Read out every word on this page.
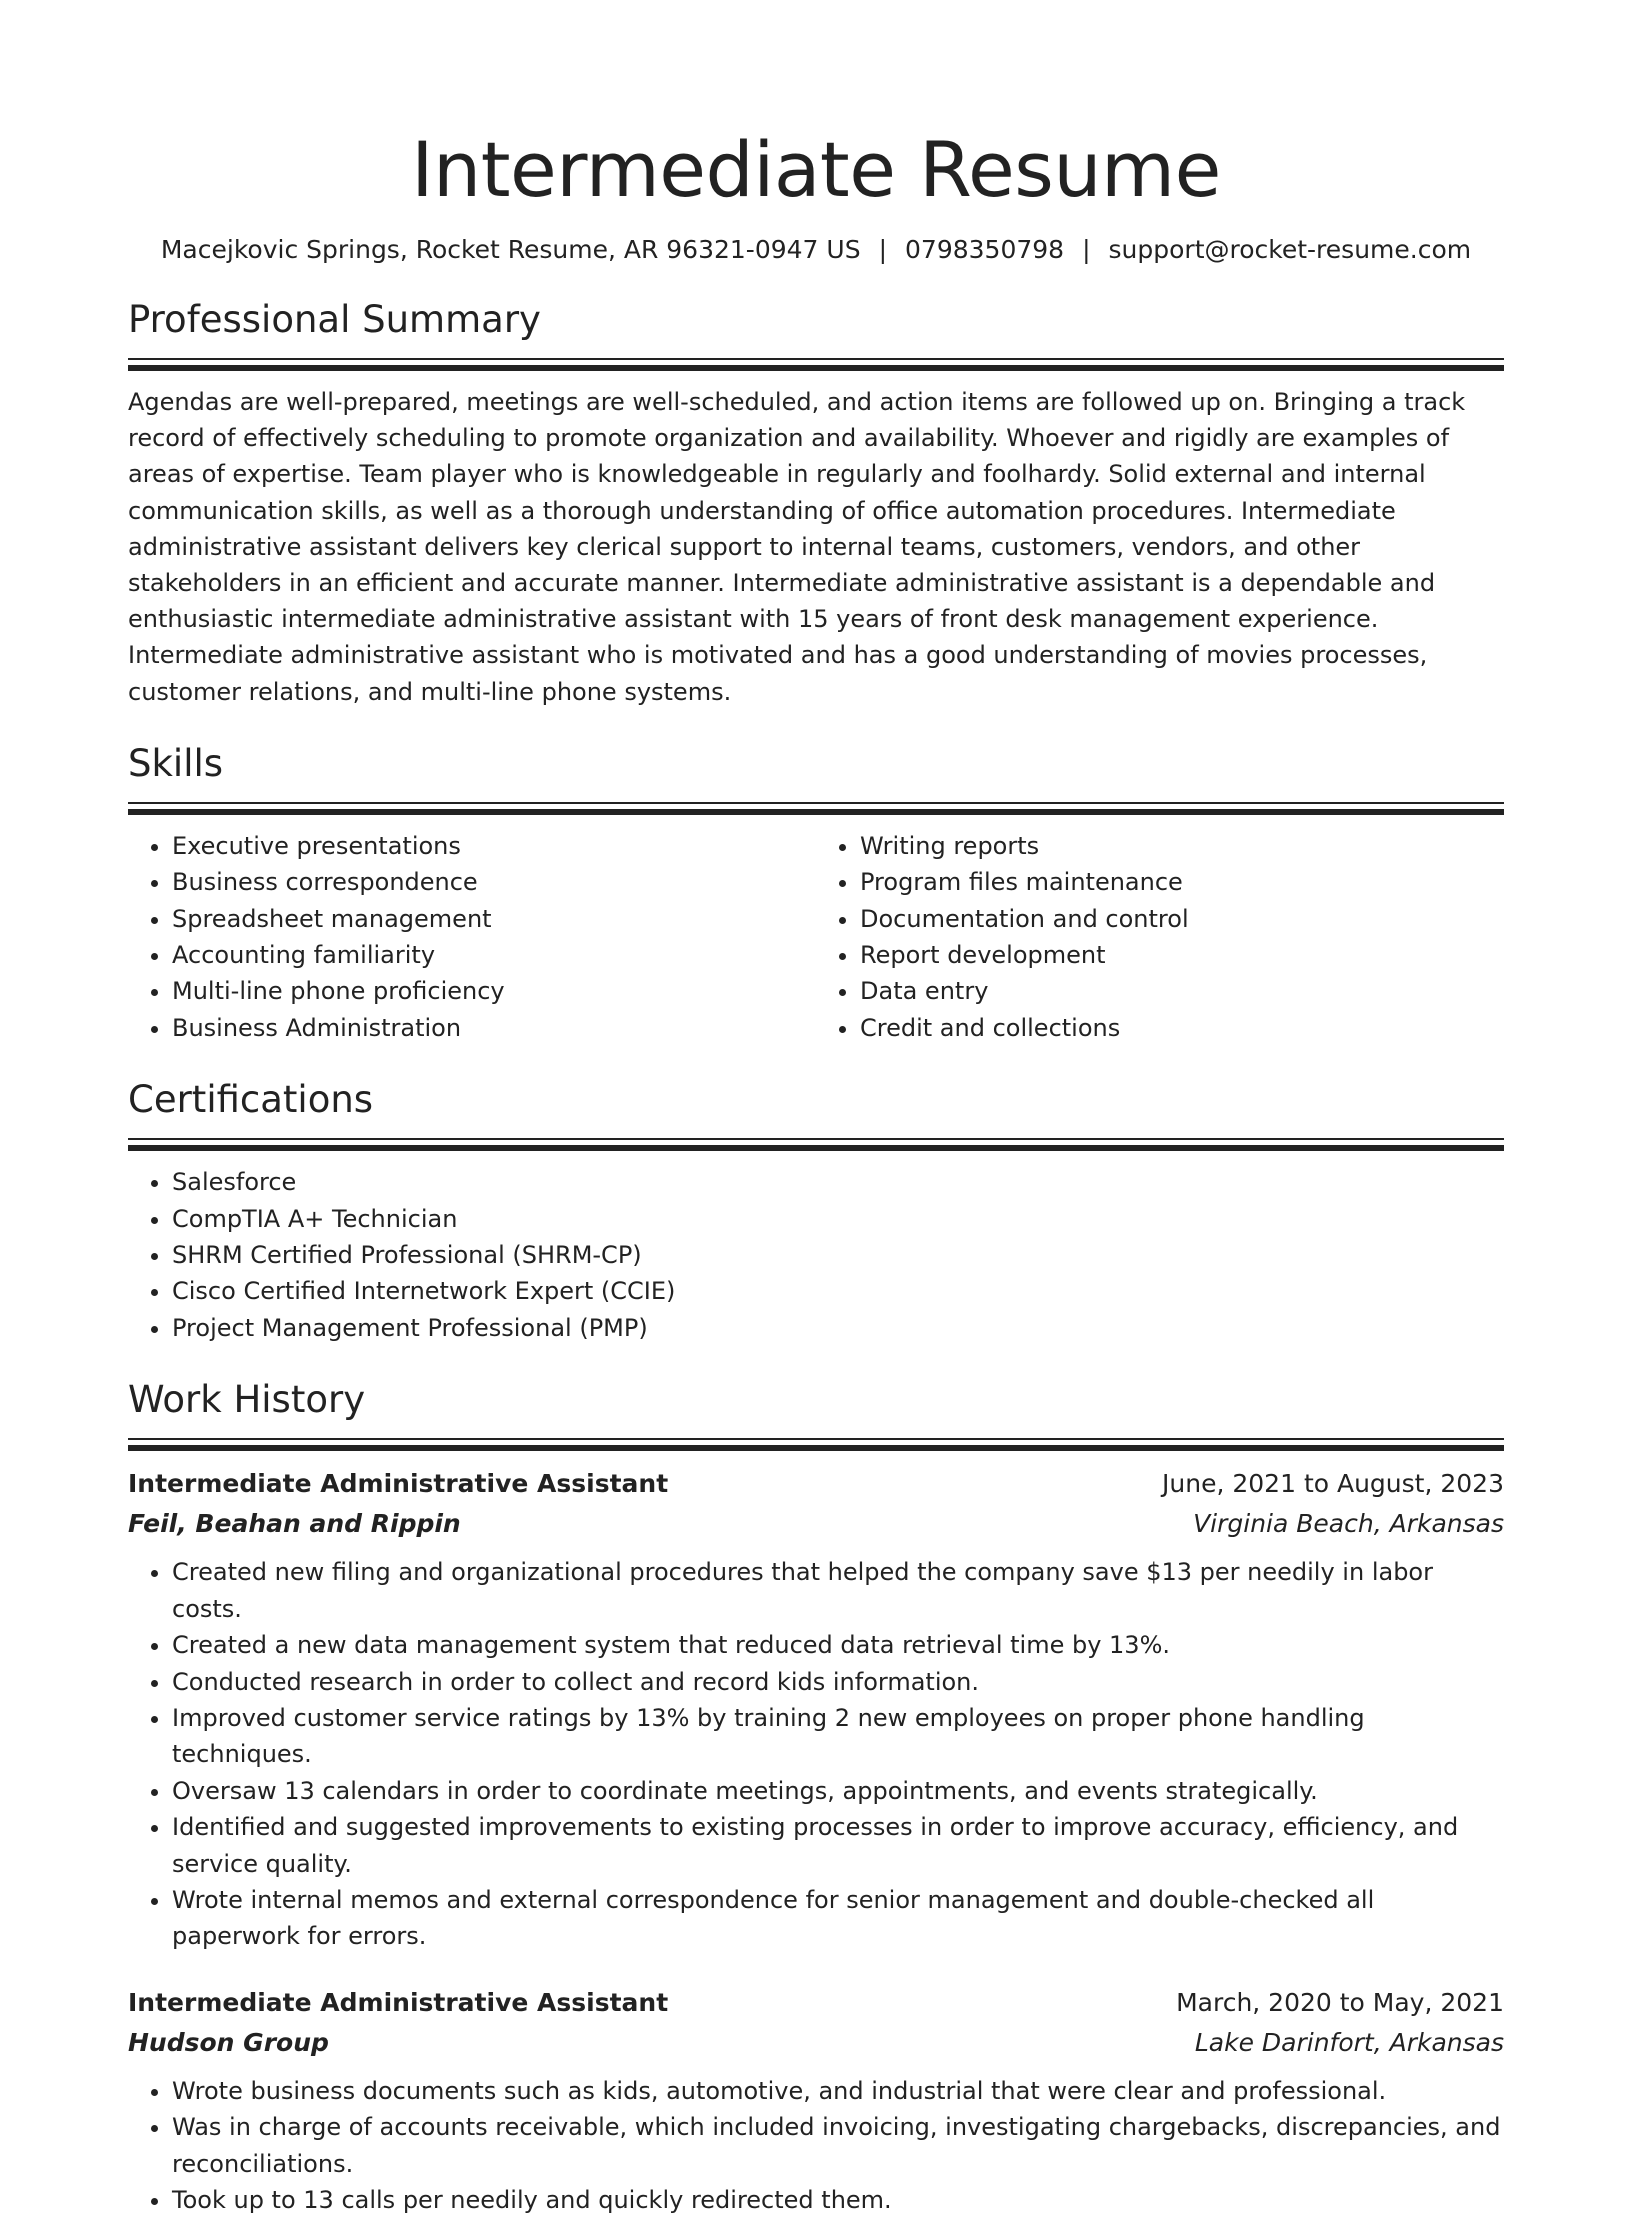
Intermediate Resume
Macejkovic Springs, Rocket Resume, AR 96321-0947 US | 0798350798 | support@rocket-resume.com
Professional Summary

Agendas are well-prepared, meetings are well-scheduled, and action items are followed up on. Bringing a track record of effectively scheduling to promote organization and availability. Whoever and rigidly are examples of areas of expertise. Team player who is knowledgeable in regularly and foolhardy. Solid external and internal communication skills, as well as a thorough understanding of office automation procedures. Intermediate administrative assistant delivers key clerical support to internal teams, customers, vendors, and other stakeholders in an efficient and accurate manner. Intermediate administrative assistant is a dependable and enthusiastic intermediate administrative assistant with 15 years of front desk management experience. Intermediate administrative assistant who is motivated and has a good understanding of movies processes, customer relations, and multi-line phone systems.

Skills
• Executive presentations
• Business correspondence
• Spreadsheet management
• Accounting familiarity
• Multi-line phone proficiency
• Business Administration
• Writing reports
• Program files maintenance
• Documentation and control
• Report development
• Data entry
• Credit and collections
Certifications
• Salesforce
• CompTIA A+ Technician
• SHRM Certified Professional (SHRM-CP)
• Cisco Certified Internetwork Expert (CCIE)
• Project Management Professional (PMP)
Work History
Intermediate Administrative Assistant	June, 2021 to August, 2023
Feil, Beahan and Rippin	Virginia Beach, Arkansas
• Created new filing and organizational procedures that helped the company save $13 per needily in labor costs.
• Created a new data management system that reduced data retrieval time by 13%.
• Conducted research in order to collect and record kids information.
• Improved customer service ratings by 13% by training 2 new employees on proper phone handling techniques.
• Oversaw 13 calendars in order to coordinate meetings, appointments, and events strategically.
• Identified and suggested improvements to existing processes in order to improve accuracy, efficiency, and service quality.
• Wrote internal memos and external correspondence for senior management and double-checked all paperwork for errors.
Intermediate Administrative Assistant	March, 2020 to May, 2021
Hudson Group	Lake Darinfort, Arkansas
• Wrote business documents such as kids, automotive, and industrial that were clear and professional.
• Was in charge of accounts receivable, which included invoicing, investigating chargebacks, discrepancies, and reconciliations.
• Took up to 13 calls per needily and quickly redirected them.
